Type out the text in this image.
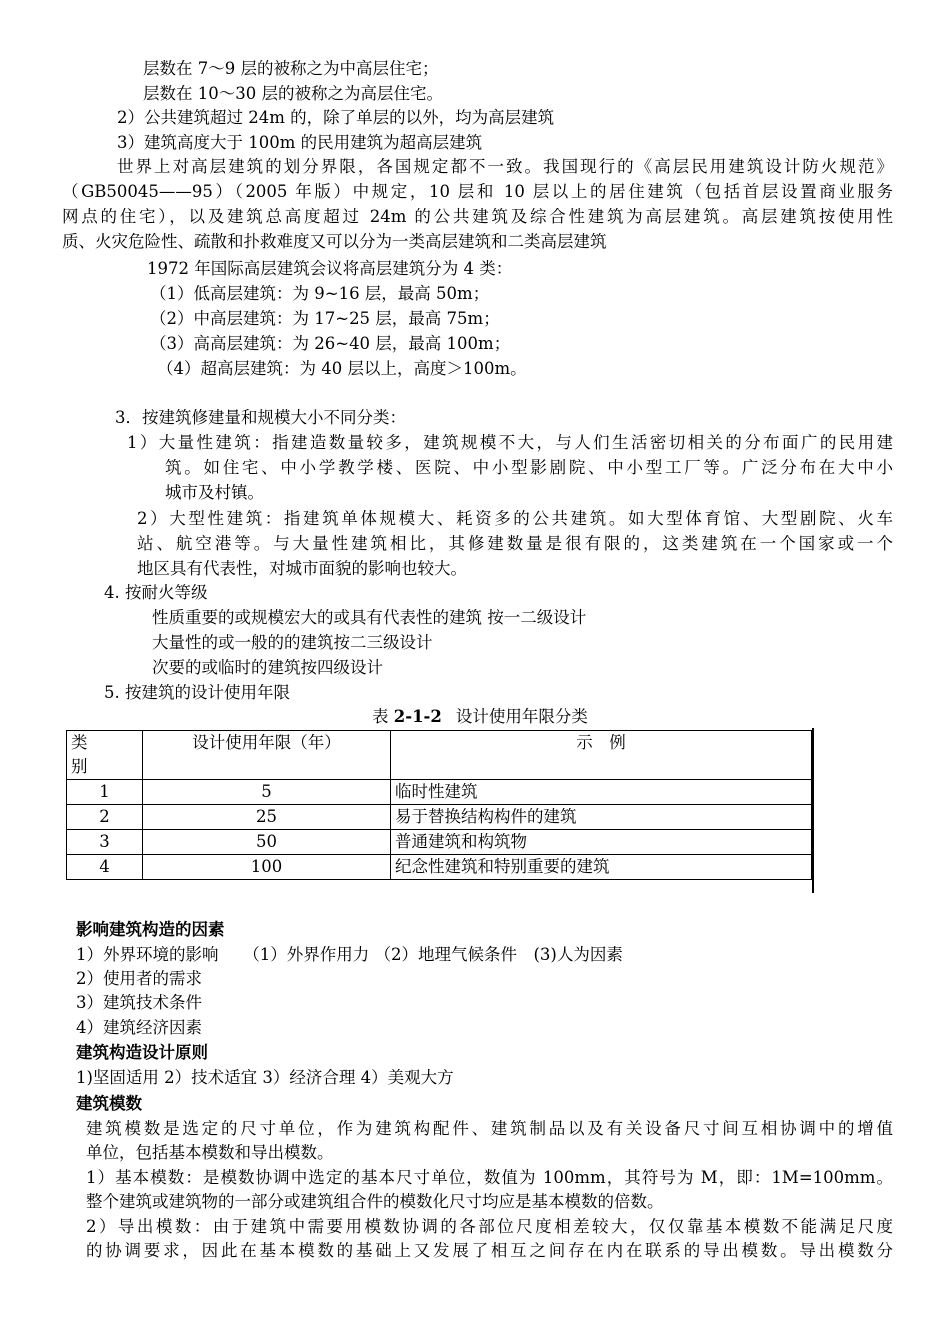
层数在 7～9 层的被称之为中高层住宅；
层数在 10～30 层的被称之为高层住宅。
2）公共建筑超过 24m 的，除了单层的以外，均为高层建筑
3）建筑高度大于 100m 的民用建筑为超高层建筑
世界上对高层建筑的划分界限，各国规定都不一致。我国现行的《高层民用建筑设计防火规范》
（GB50045——95）（2005 年版）中规定，10 层和 10 层以上的居住建筑（包括首层设置商业服务
网点的住宅），以及建筑总高度超过 24m 的公共建筑及综合性建筑为高层建筑。高层建筑按使用性
质、火灾危险性、疏散和扑救难度又可以分为一类高层建筑和二类高层建筑
1972 年国际高层建筑会议将高层建筑分为 4 类：
（1）低高层建筑：为 9~16 层，最高 50m；
（2）中高层建筑：为 17~25 层，最高 75m；
（3）高高层建筑：为 26~40 层，最高 100m；
（4）超高层建筑：为 40 层以上，高度＞100m。
3．按建筑修建量和规模大小不同分类：
1）大量性建筑：指建造数量较多，建筑规模不大，与人们生活密切相关的分布面广的民用建
筑。如住宅、中小学教学楼、医院、中小型影剧院、中小型工厂等。广泛分布在大中小
城市及村镇。
2）大型性建筑：指建筑单体规模大、耗资多的公共建筑。如大型体育馆、大型剧院、火车
站、航空港等。与大量性建筑相比，其修建数量是很有限的，这类建筑在一个国家或一个
地区具有代表性，对城市面貌的影响也较大。
4. 按耐火等级
性质重要的或规模宏大的或具有代表性的建筑 按一二级设计
大量性的或一般的的建筑按二三级设计
次要的或临时的建筑按四级设计
5. 按建筑的设计使用年限
表 2-1-2 设计使用年限分类
类
别	设计使用年限（年）	示　例
1	5	临时性建筑
2	25	易于替换结构构件的建筑
3	50	普通建筑和构筑物
4	100	纪念性建筑和特别重要的建筑
影响建筑构造的因素
1）外界环境的影响　　（1）外界作用力 （2）地理气候条件　(3)人为因素
2）使用者的需求
3）建筑技术条件
4）建筑经济因素
建筑构造设计原则
1)坚固适用 2）技术适宜 3）经济合理 4）美观大方
建筑模数
建筑模数是选定的尺寸单位，作为建筑构配件、建筑制品以及有关设备尺寸间互相协调中的增值
单位，包括基本模数和导出模数。
1）基本模数：是模数协调中选定的基本尺寸单位，数值为 100mm，其符号为 M，即：1M=100mm。
整个建筑或建筑物的一部分或建筑组合件的模数化尺寸均应是基本模数的倍数。
2）导出模数：由于建筑中需要用模数协调的各部位尺度相差较大，仅仅靠基本模数不能满足尺度
的协调要求，因此在基本模数的基础上又发展了相互之间存在内在联系的导出模数。导出模数分
